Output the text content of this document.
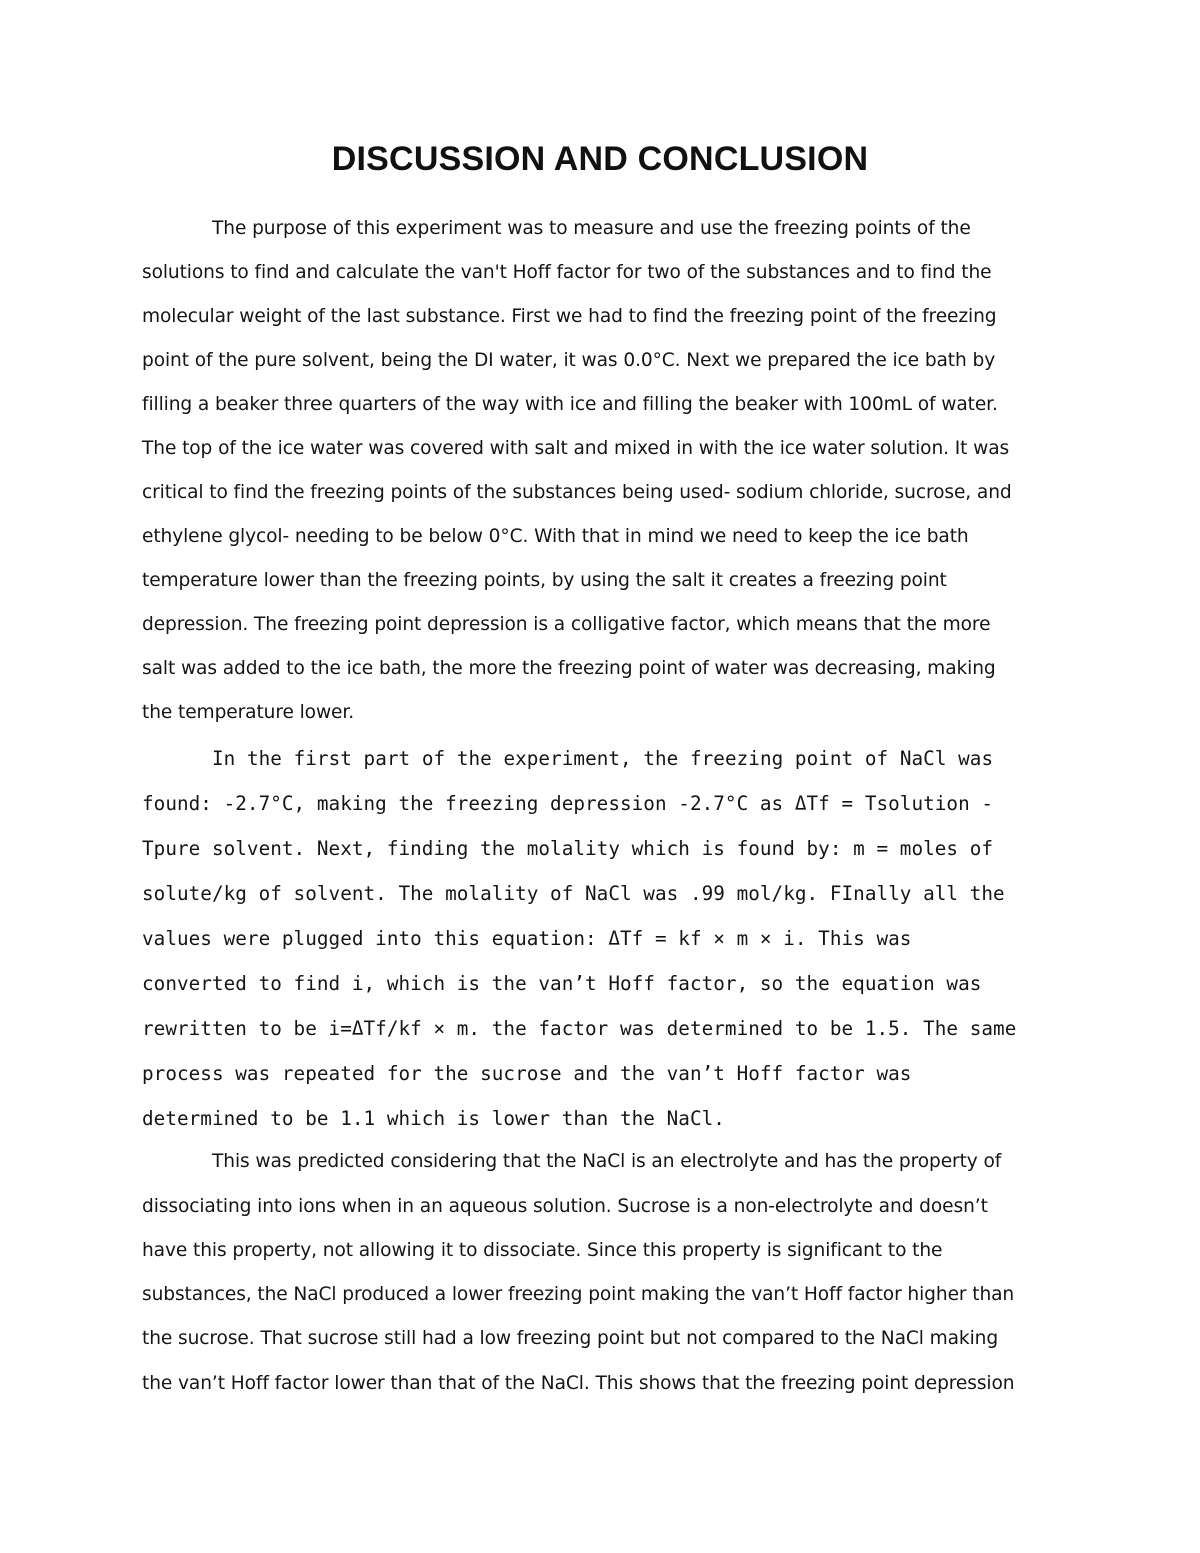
DISCUSSION AND CONCLUSION

The purpose of this experiment was to measure and use the freezing points of the

solutions to find and calculate the van't Hoff factor for two of the substances and to find the

molecular weight of the last substance. First we had to find the freezing point of the freezing

point of the pure solvent, being the DI water, it was 0.0°C. Next we prepared the ice bath by

filling a beaker three quarters of the way with ice and filling the beaker with 100mL of water.

The top of the ice water was covered with salt and mixed in with the ice water solution. It was

critical to find the freezing points of the substances being used- sodium chloride, sucrose, and

ethylene glycol- needing to be below 0°C. With that in mind we need to keep the ice bath

temperature lower than the freezing points, by using the salt it creates a freezing point

depression. The freezing point depression is a colligative factor, which means that the more

salt was added to the ice bath, the more the freezing point of water was decreasing, making

the temperature lower.

In the first part of the experiment, the freezing point of NaCl was

found: -2.7°C, making the freezing depression -2.7°C as ΔTf = Tsolution -

Tpure solvent. Next, finding the molality which is found by: m = moles of

solute/kg of solvent. The molality of NaCl was .99 mol/kg. FInally all the

values were plugged into this equation: ΔTf = kf × m × i. This was

converted to find i, which is the van’t Hoff factor, so the equation was

rewritten to be i=ΔTf/kf × m. the factor was determined to be 1.5. The same

process was repeated for the sucrose and the van’t Hoff factor was

determined to be 1.1 which is lower than the NaCl.

This was predicted considering that the NaCl is an electrolyte and has the property of

dissociating into ions when in an aqueous solution. Sucrose is a non-electrolyte and doesn’t

have this property, not allowing it to dissociate. Since this property is significant to the

substances, the NaCl produced a lower freezing point making the van’t Hoff factor higher than

the sucrose. That sucrose still had a low freezing point but not compared to the NaCl making

the van’t Hoff factor lower than that of the NaCl. This shows that the freezing point depression
